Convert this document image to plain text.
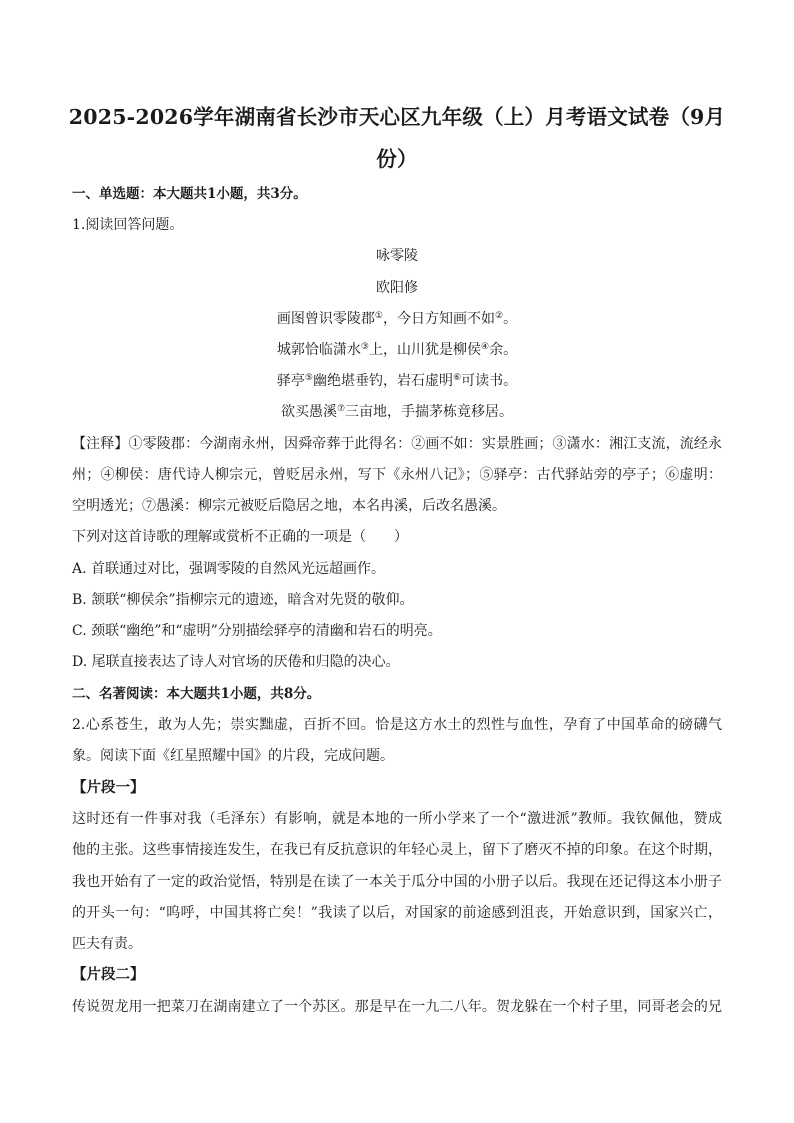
2025-2026学年湖南省长沙市天心区九年级（上）月考语文试卷（9月
份）
一、单选题：本大题共1小题，共3分。
1.阅读回答问题。
咏零陵
欧阳修
画图曾识零陵郡①，今日方知画不如②。
城郭恰临潇水③上，山川犹是柳侯④余。
驿亭⑤幽绝堪垂钓，岩石虚明⑥可读书。
欲买愚溪⑦三亩地，手揣茅栋竟移居。
【注释】①零陵郡：今湖南永州，因舜帝葬于此得名：②画不如：实景胜画；③潇水：湘江支流，流经永
州；④柳侯：唐代诗人柳宗元，曾贬居永州，写下《永州八记》；⑤驿亭：古代驿站旁的亭子；⑥虚明：
空明透光；⑦愚溪：柳宗元被贬后隐居之地，本名冉溪，后改名愚溪。
下列对这首诗歌的理解或赏析不正确的一项是（　　）
A. 首联通过对比，强调零陵的自然风光远超画作。
B. 颔联“柳侯余”指柳宗元的遗迹，暗含对先贤的敬仰。
C. 颈联“幽绝”和“虚明”分别描绘驿亭的清幽和岩石的明亮。
D. 尾联直接表达了诗人对官场的厌倦和归隐的决心。
二、名著阅读：本大题共1小题，共8分。
2.心系苍生，敢为人先；崇实黜虚，百折不回。恰是这方水土的烈性与血性，孕育了中国革命的磅礴气
象。阅读下面《红星照耀中国》的片段，完成问题。
【片段一】
这时还有一件事对我（毛泽东）有影响，就是本地的一所小学来了一个“激进派”教师。我钦佩他，赞成
他的主张。这些事情接连发生，在我已有反抗意识的年轻心灵上，留下了磨灭不掉的印象。在这个时期，
我也开始有了一定的政治觉悟，特别是在读了一本关于瓜分中国的小册子以后。我现在还记得这本小册子
的开头一句：“呜呼，中国其将亡矣！”我读了以后，对国家的前途感到沮丧，开始意识到，国家兴亡，
匹夫有责。
【片段二】
传说贺龙用一把菜刀在湖南建立了一个苏区。那是早在一九二八年。贺龙躲在一个村子里，同哥老会的兄
